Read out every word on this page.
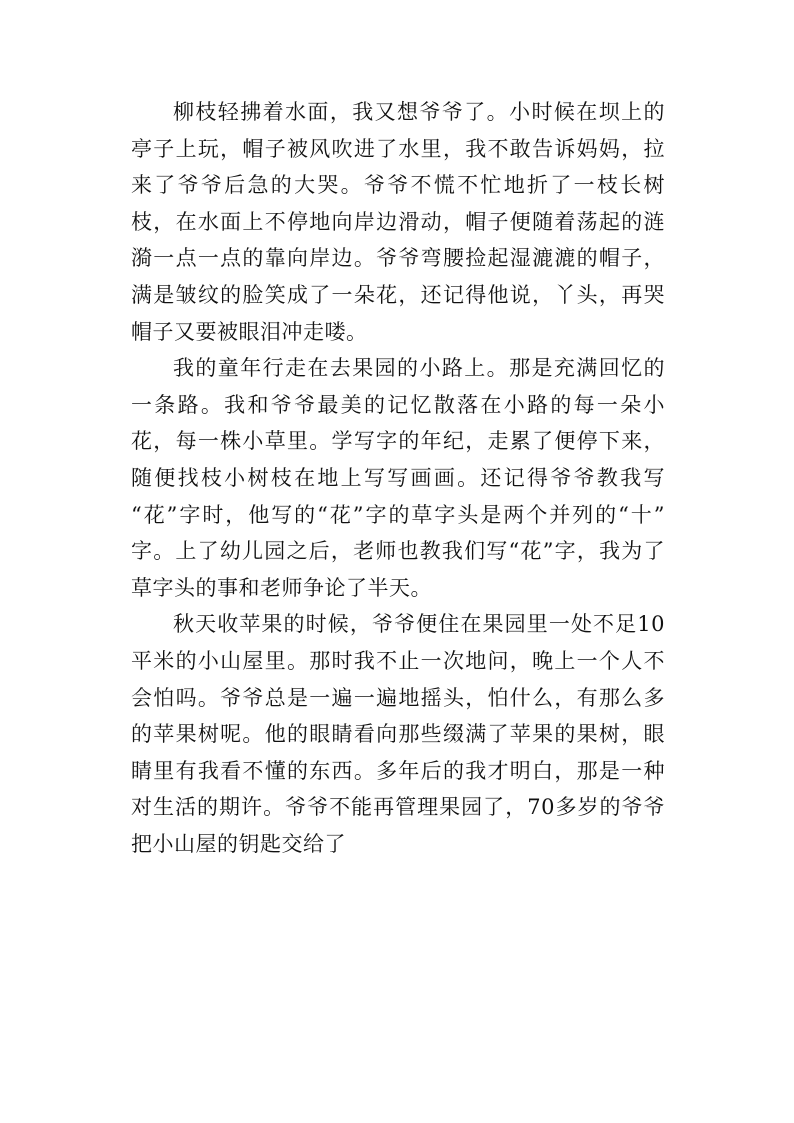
柳枝轻拂着水面，我又想爷爷了。小时候在坝上的亭子上玩，帽子被风吹进了水里，我不敢告诉妈妈，拉来了爷爷后急的大哭。爷爷不慌不忙地折了一枝长树枝，在水面上不停地向岸边滑动，帽子便随着荡起的涟漪一点一点的靠向岸边。爷爷弯腰捡起湿漉漉的帽子，满是皱纹的脸笑成了一朵花，还记得他说，丫头，再哭帽子又要被眼泪冲走喽。

我的童年行走在去果园的小路上。那是充满回忆的一条路。我和爷爷最美的记忆散落在小路的每一朵小花，每一株小草里。学写字的年纪，走累了便停下来，随便找枝小树枝在地上写写画画。还记得爷爷教我写“花”字时，他写的“花”字的草字头是两个并列的“十”字。上了幼儿园之后，老师也教我们写“花”字，我为了草字头的事和老师争论了半天。

秋天收苹果的时候，爷爷便住在果园里一处不足10平米的小山屋里。那时我不止一次地问，晚上一个人不会怕吗。爷爷总是一遍一遍地摇头，怕什么，有那么多的苹果树呢。他的眼睛看向那些缀满了苹果的果树，眼睛里有我看不懂的东西。多年后的我才明白，那是一种对生活的期许。爷爷不能再管理果园了，70多岁的爷爷把小山屋的钥匙交给了
